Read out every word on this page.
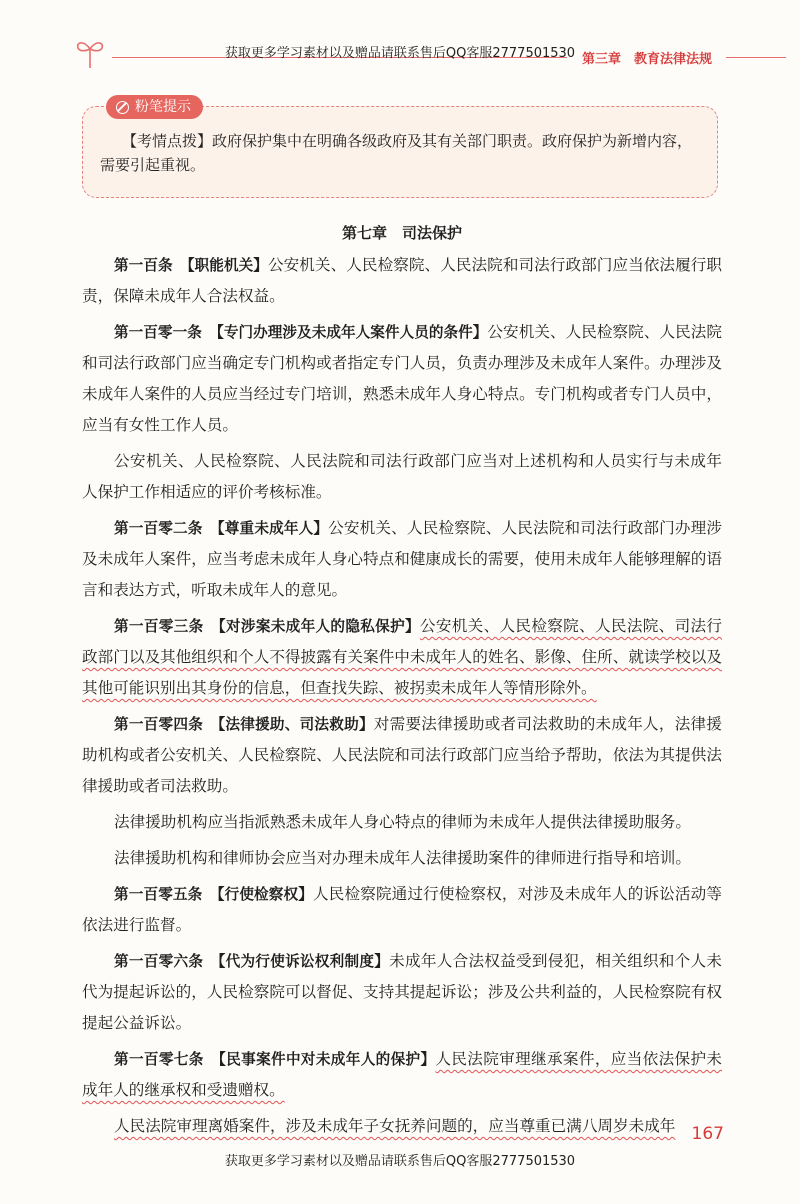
获取更多学习素材以及赠品请联系售后QQ客服2777501530 第三章　教育法律法规
粉笔提示
【考情点拨】政府保护集中在明确各级政府及其有关部门职责。政府保护为新增内容，需要引起重视。
第七章　司法保护

第一百条　【职能机关】公安机关、人民检察院、人民法院和司法行政部门应当依法履行职责，保障未成年人合法权益。

第一百零一条　【专门办理涉及未成年人案件人员的条件】公安机关、人民检察院、人民法院和司法行政部门应当确定专门机构或者指定专门人员，负责办理涉及未成年人案件。办理涉及未成年人案件的人员应当经过专门培训，熟悉未成年人身心特点。专门机构或者专门人员中，应当有女性工作人员。

公安机关、人民检察院、人民法院和司法行政部门应当对上述机构和人员实行与未成年人保护工作相适应的评价考核标准。

第一百零二条　【尊重未成年人】公安机关、人民检察院、人民法院和司法行政部门办理涉及未成年人案件，应当考虑未成年人身心特点和健康成长的需要，使用未成年人能够理解的语言和表达方式，听取未成年人的意见。

第一百零三条　【对涉案未成年人的隐私保护】公安机关、人民检察院、人民法院、司法行政部门以及其他组织和个人不得披露有关案件中未成年人的姓名、影像、住所、就读学校以及其他可能识别出其身份的信息，但查找失踪、被拐卖未成年人等情形除外。

第一百零四条　【法律援助、司法救助】对需要法律援助或者司法救助的未成年人，法律援助机构或者公安机关、人民检察院、人民法院和司法行政部门应当给予帮助，依法为其提供法律援助或者司法救助。

法律援助机构应当指派熟悉未成年人身心特点的律师为未成年人提供法律援助服务。

法律援助机构和律师协会应当对办理未成年人法律援助案件的律师进行指导和培训。

第一百零五条　【行使检察权】人民检察院通过行使检察权，对涉及未成年人的诉讼活动等依法进行监督。

第一百零六条　【代为行使诉讼权利制度】未成年人合法权益受到侵犯，相关组织和个人未代为提起诉讼的，人民检察院可以督促、支持其提起诉讼；涉及公共利益的，人民检察院有权提起公益诉讼。

第一百零七条　【民事案件中对未成年人的保护】人民法院审理继承案件，应当依法保护未成年人的继承权和受遗赠权。

人民法院审理离婚案件，涉及未成年子女抚养问题的，应当尊重已满八周岁未成年 167
获取更多学习素材以及赠品请联系售后QQ客服2777501530
